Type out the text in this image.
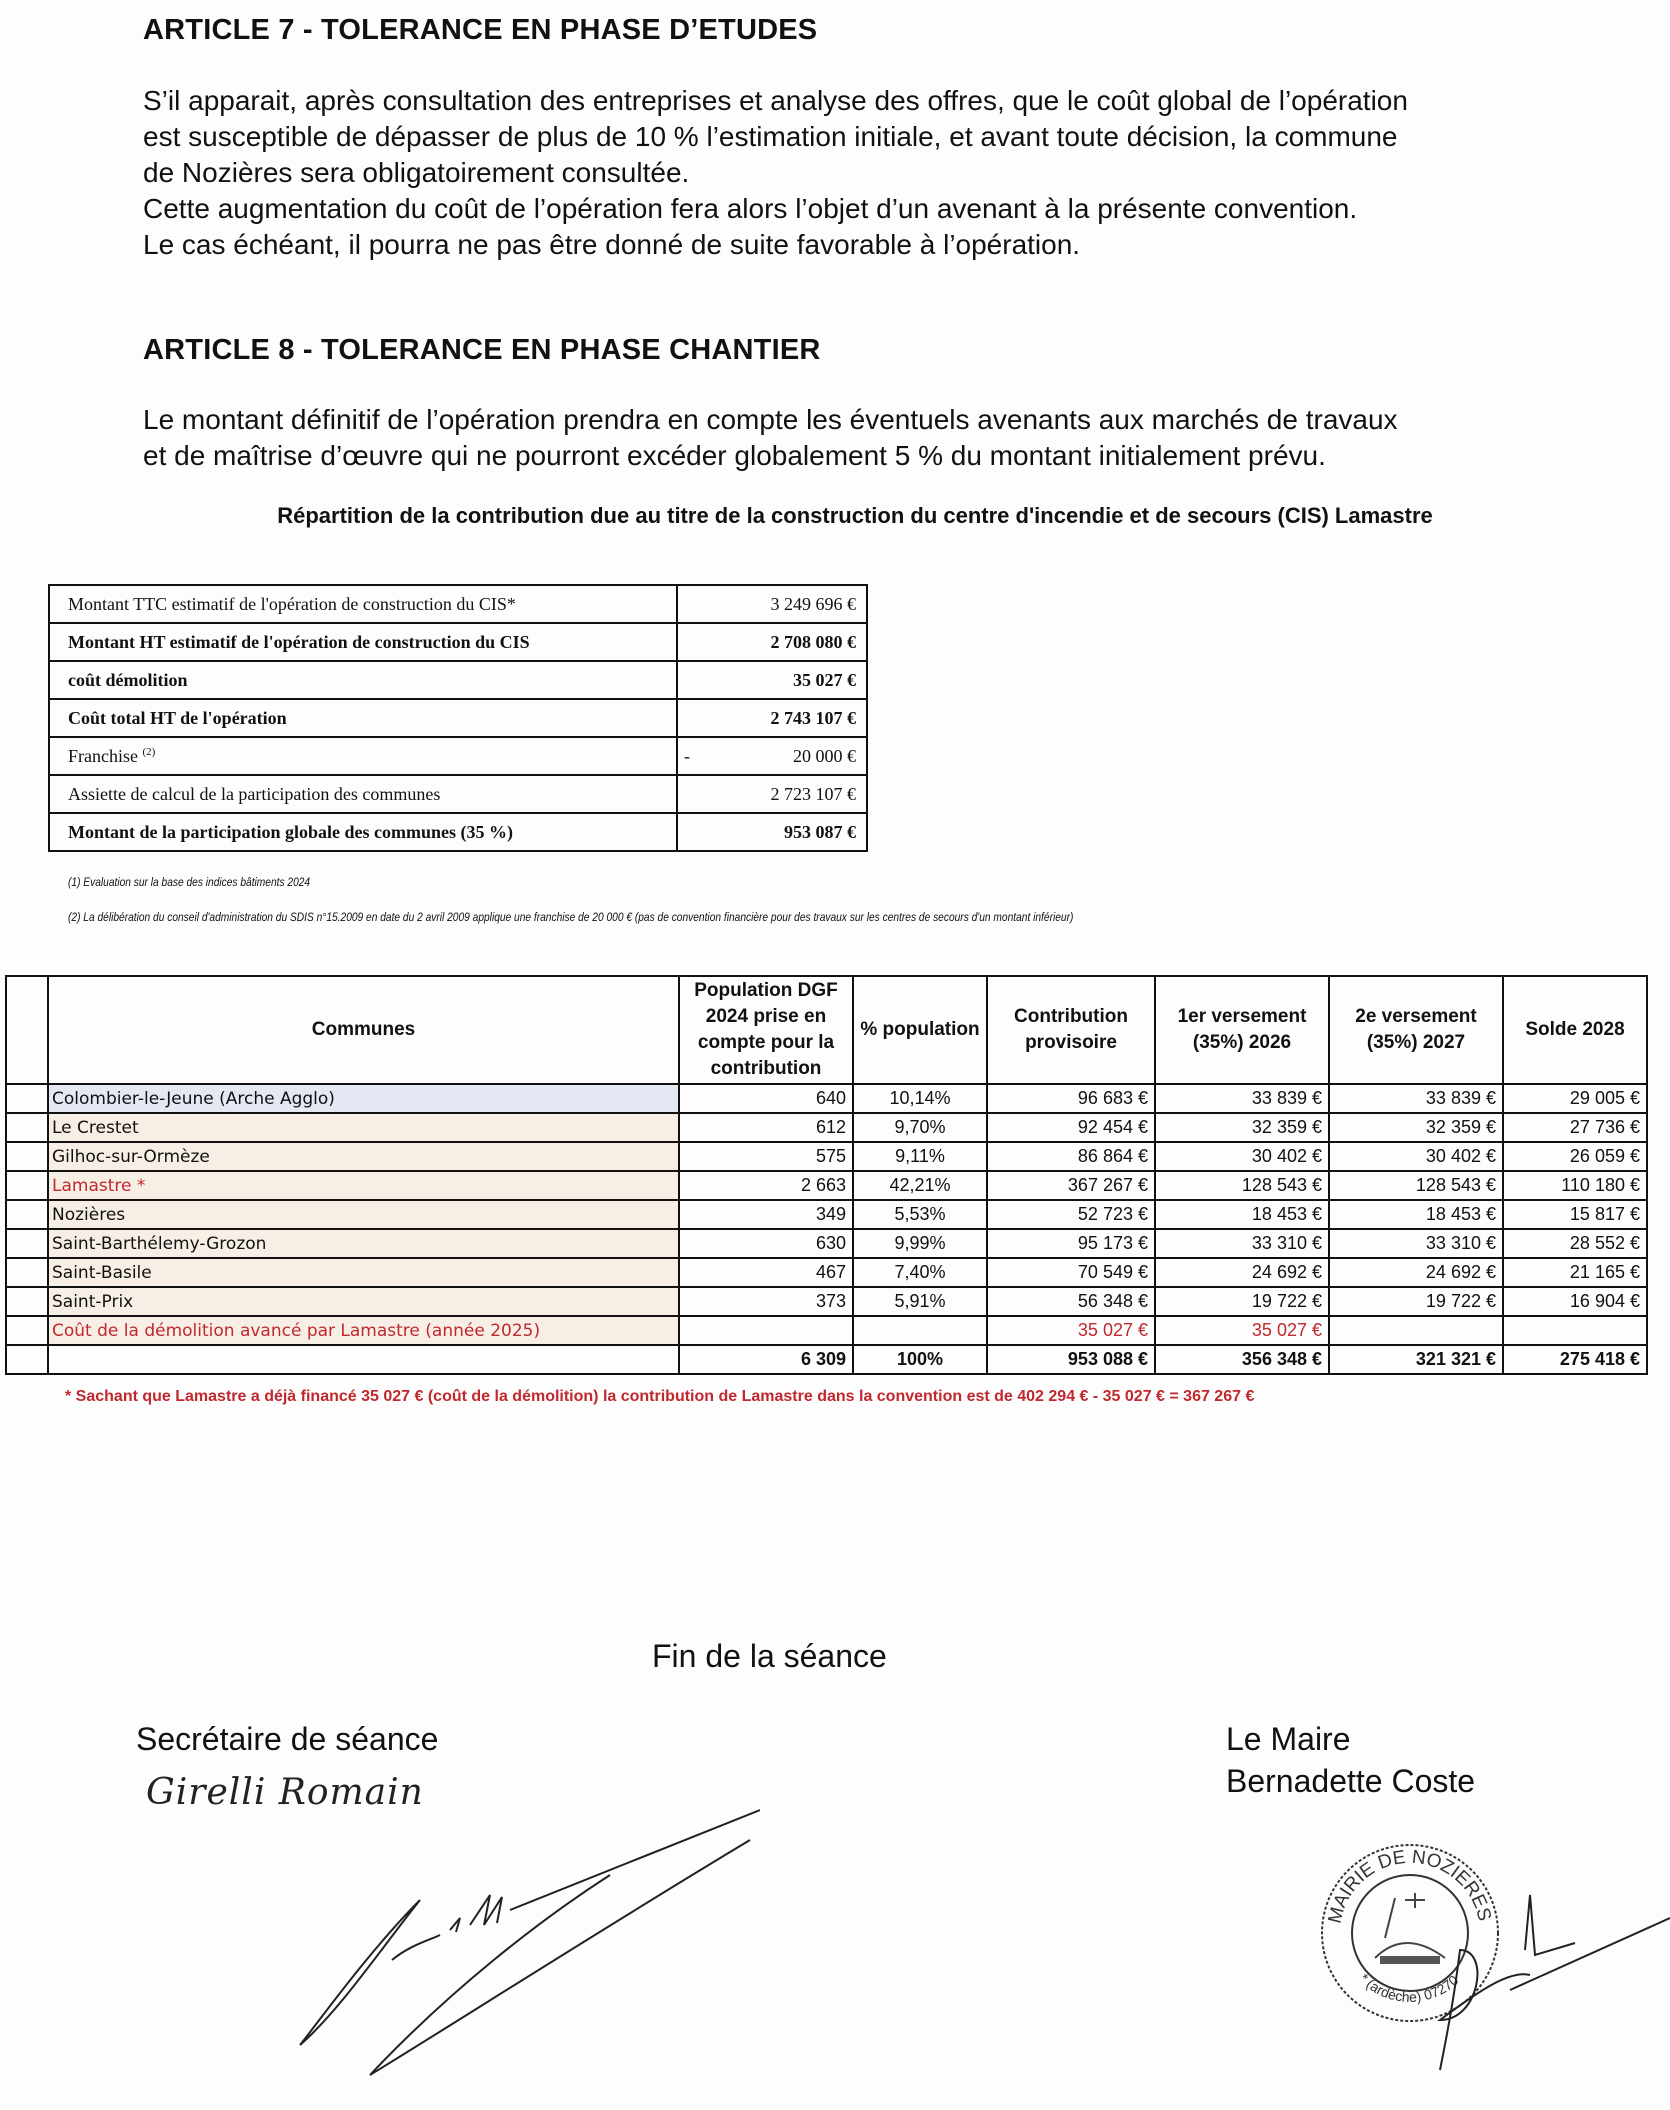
ARTICLE 7 - TOLERANCE EN PHASE D’ETUDES
S’il apparait, après consultation des entreprises et analyse des offres, que le coût global de l’opération
est susceptible de dépasser de plus de 10 % l’estimation initiale, et avant toute décision, la commune
de Nozières sera obligatoirement consultée.
Cette augmentation du coût de l’opération fera alors l’objet d’un avenant à la présente convention.
Le cas échéant, il pourra ne pas être donné de suite favorable à l’opération.
ARTICLE 8 - TOLERANCE EN PHASE CHANTIER
Le montant définitif de l’opération prendra en compte les éventuels avenants aux marchés de travaux
et de maîtrise d’œuvre qui ne pourront excéder globalement 5 % du montant initialement prévu.
Répartition de la contribution due au titre de la construction du centre d'incendie et de secours (CIS) Lamastre
Montant TTC estimatif de l'opération de construction du CIS*	3 249 696 €
Montant HT estimatif de l'opération de construction du CIS	2 708 080 €
coût démolition	35 027 €
Coût total HT de l'opération	2 743 107 €
Franchise $^{(2)}$	- 20 000 €
Assiette de calcul de la participation des communes	2 723 107 €
Montant de la participation globale des communes (35 %)	953 087 €
(1) Evaluation sur la base des indices bâtiments 2024
(2) La délibération du conseil d'administration du SDIS n°15.2009 en date du 2 avril 2009 applique une franchise de 20 000 € (pas de convention financière pour des travaux sur les centres de secours d'un montant inférieur)
	Communes	Population DGF 2024 prise en compte pour la contribution	% population	Contribution provisoire	1er versement (35%) 2026	2e versement (35%) 2027	Solde 2028
	Colombier-le-Jeune (Arche Agglo)	640	10,14%	96 683 €	33 839 €	33 839 €	29 005 €
	Le Crestet	612	9,70%	92 454 €	32 359 €	32 359 €	27 736 €
	Gilhoc-sur-Ormèze	575	9,11%	86 864 €	30 402 €	30 402 €	26 059 €
	Lamastre *	2 663	42,21%	367 267 €	128 543 €	128 543 €	110 180 €
	Nozières	349	5,53%	52 723 €	18 453 €	18 453 €	15 817 €
	Saint-Barthélemy-Grozon	630	9,99%	95 173 €	33 310 €	33 310 €	28 552 €
	Saint-Basile	467	7,40%	70 549 €	24 692 €	24 692 €	21 165 €
	Saint-Prix	373	5,91%	56 348 €	19 722 €	19 722 €	16 904 €
	Coût de la démolition avancé par Lamastre (année 2025)			35 027 €	35 027 €		
		6 309	100%	953 088 €	356 348 €	321 321 €	275 418 €
* Sachant que Lamastre a déjà financé 35 027 € (coût de la démolition) la contribution de Lamastre dans la convention est de 402 294 € - 35 027 € = 367 267 €
Fin de la séance
Secrétaire de séance
Girelli Romain
Le Maire
Bernadette Coste
MAIRIE DE NOZIERES
* (ardèche) 07270
